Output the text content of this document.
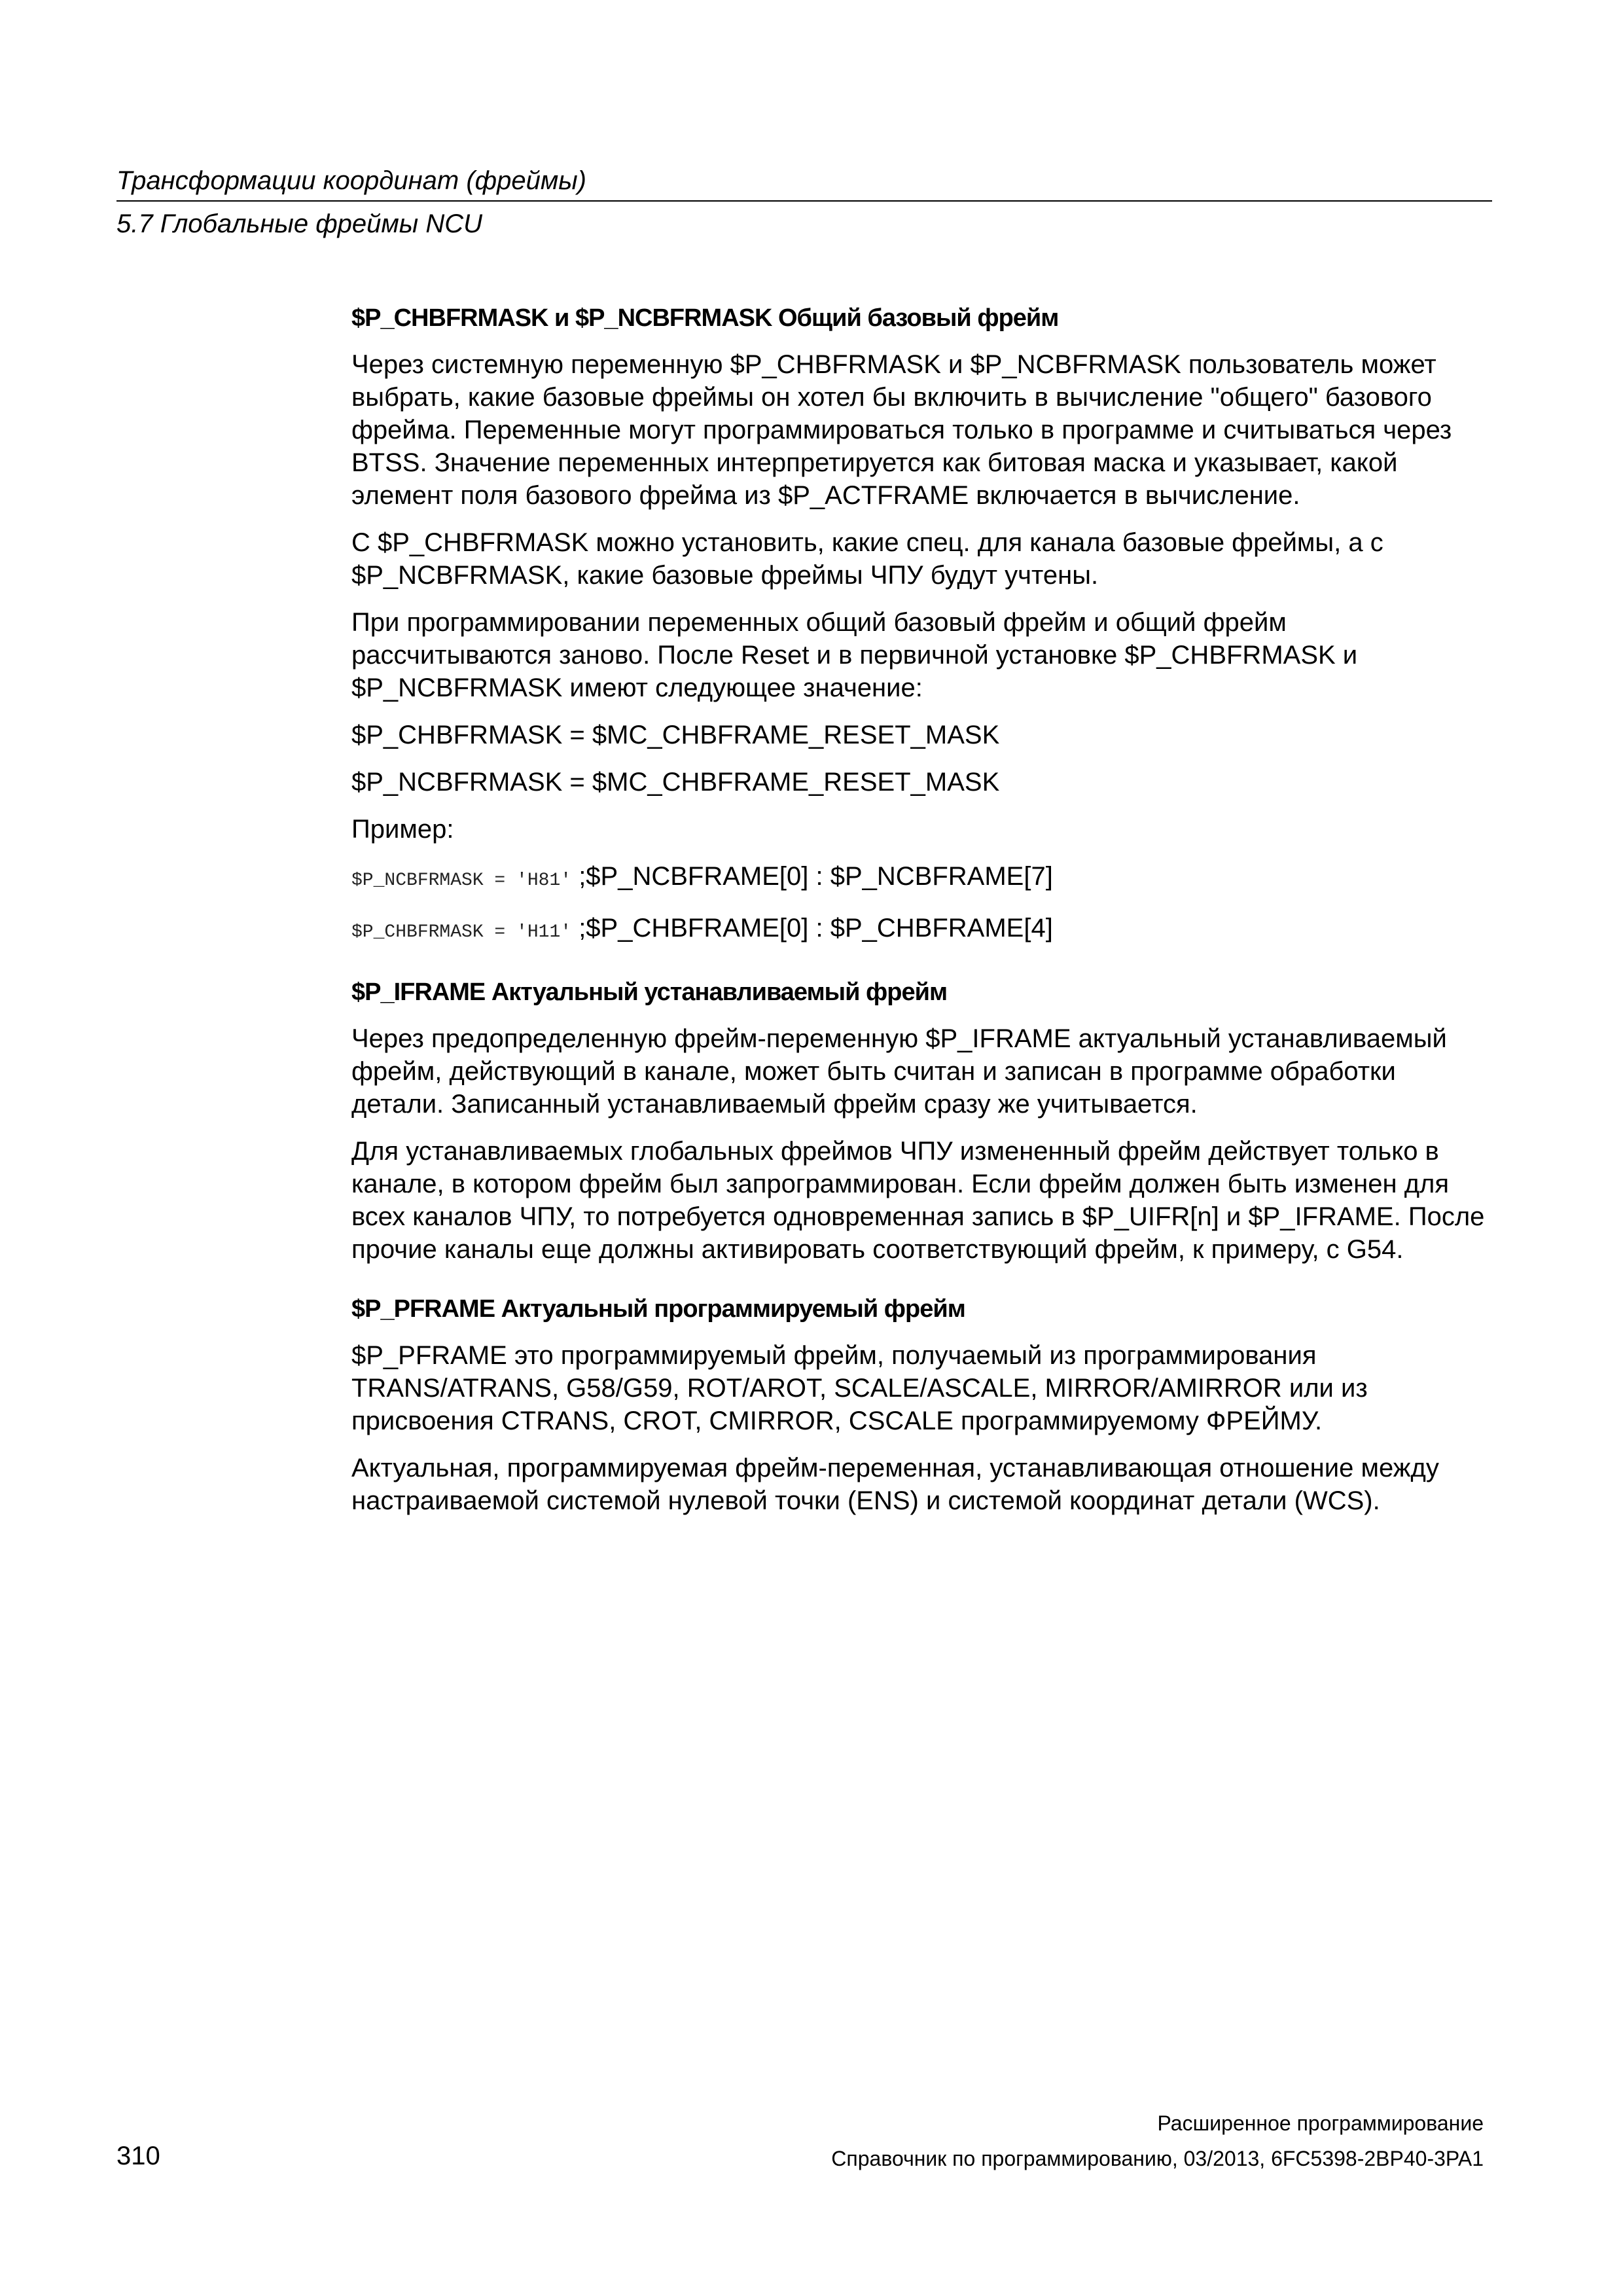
Трансформации координат (фреймы)
5.7 Глобальные фреймы NCU
$P_CHBFRMASK и $P_NCBFRMASK Общий базовый фрейм

Через системную переменную $P_CHBFRMASK и $P_NCBFRMASK пользователь может выбрать, какие базовые фреймы он хотел бы включить в вычисление "общего" базового фрейма. Переменные могут программироваться только в программе и считываться через BTSS. Значение переменных интерпретируется как битовая маска и указывает, какой элемент поля базового фрейма из $P_ACTFRAME включается в вычисление.

С $P_CHBFRMASK можно установить, какие спец. для канала базовые фреймы, а с $P_NCBFRMASK, какие базовые фреймы ЧПУ будут учтены.

При программировании переменных общий базовый фрейм и общий фрейм рассчитываются заново. После Reset и в первичной установке $P_CHBFRMASK и $P_NCBFRMASK имеют следующее значение:

$P_CHBFRMASK = $MC_CHBFRAME_RESET_MASK

$P_NCBFRMASK = $MC_CHBFRAME_RESET_MASK

Пример:

$P_NCBFRMASK = 'H81' ;$P_NCBFRAME[0] : $P_NCBFRAME[7]
$P_CHBFRMASK = 'H11' ;$P_CHBFRAME[0] : $P_CHBFRAME[4]
$P_IFRAME Актуальный устанавливаемый фрейм

Через предопределенную фрейм-переменную $P_IFRAME актуальный устанавливаемый фрейм, действующий в канале, может быть считан и записан в программе обработки детали. Записанный устанавливаемый фрейм сразу же учитывается.

Для устанавливаемых глобальных фреймов ЧПУ измененный фрейм действует только в канале, в котором фрейм был запрограммирован. Если фрейм должен быть изменен для всех каналов ЧПУ, то потребуется одновременная запись в $P_UIFR[n] и $P_IFRAME. После прочие каналы еще должны активировать соответствующий фрейм, к примеру, с G54.

$P_PFRAME Актуальный программируемый фрейм

$P_PFRAME это программируемый фрейм, получаемый из программирования TRANS/ATRANS, G58/G59, ROT/AROT, SCALE/ASCALE, MIRROR/AMIRROR или из присвоения CTRANS, CROT, CMIRROR, CSCALE программируемому ФРЕЙМУ.

Актуальная, программируемая фрейм-переменная, устанавливающая отношение между настраиваемой системой нулевой точки (ENS) и системой координат детали (WCS).

Расширенное программирование
310	Справочник по программированию, 03/2013, 6FC5398-2BP40-3PA1
